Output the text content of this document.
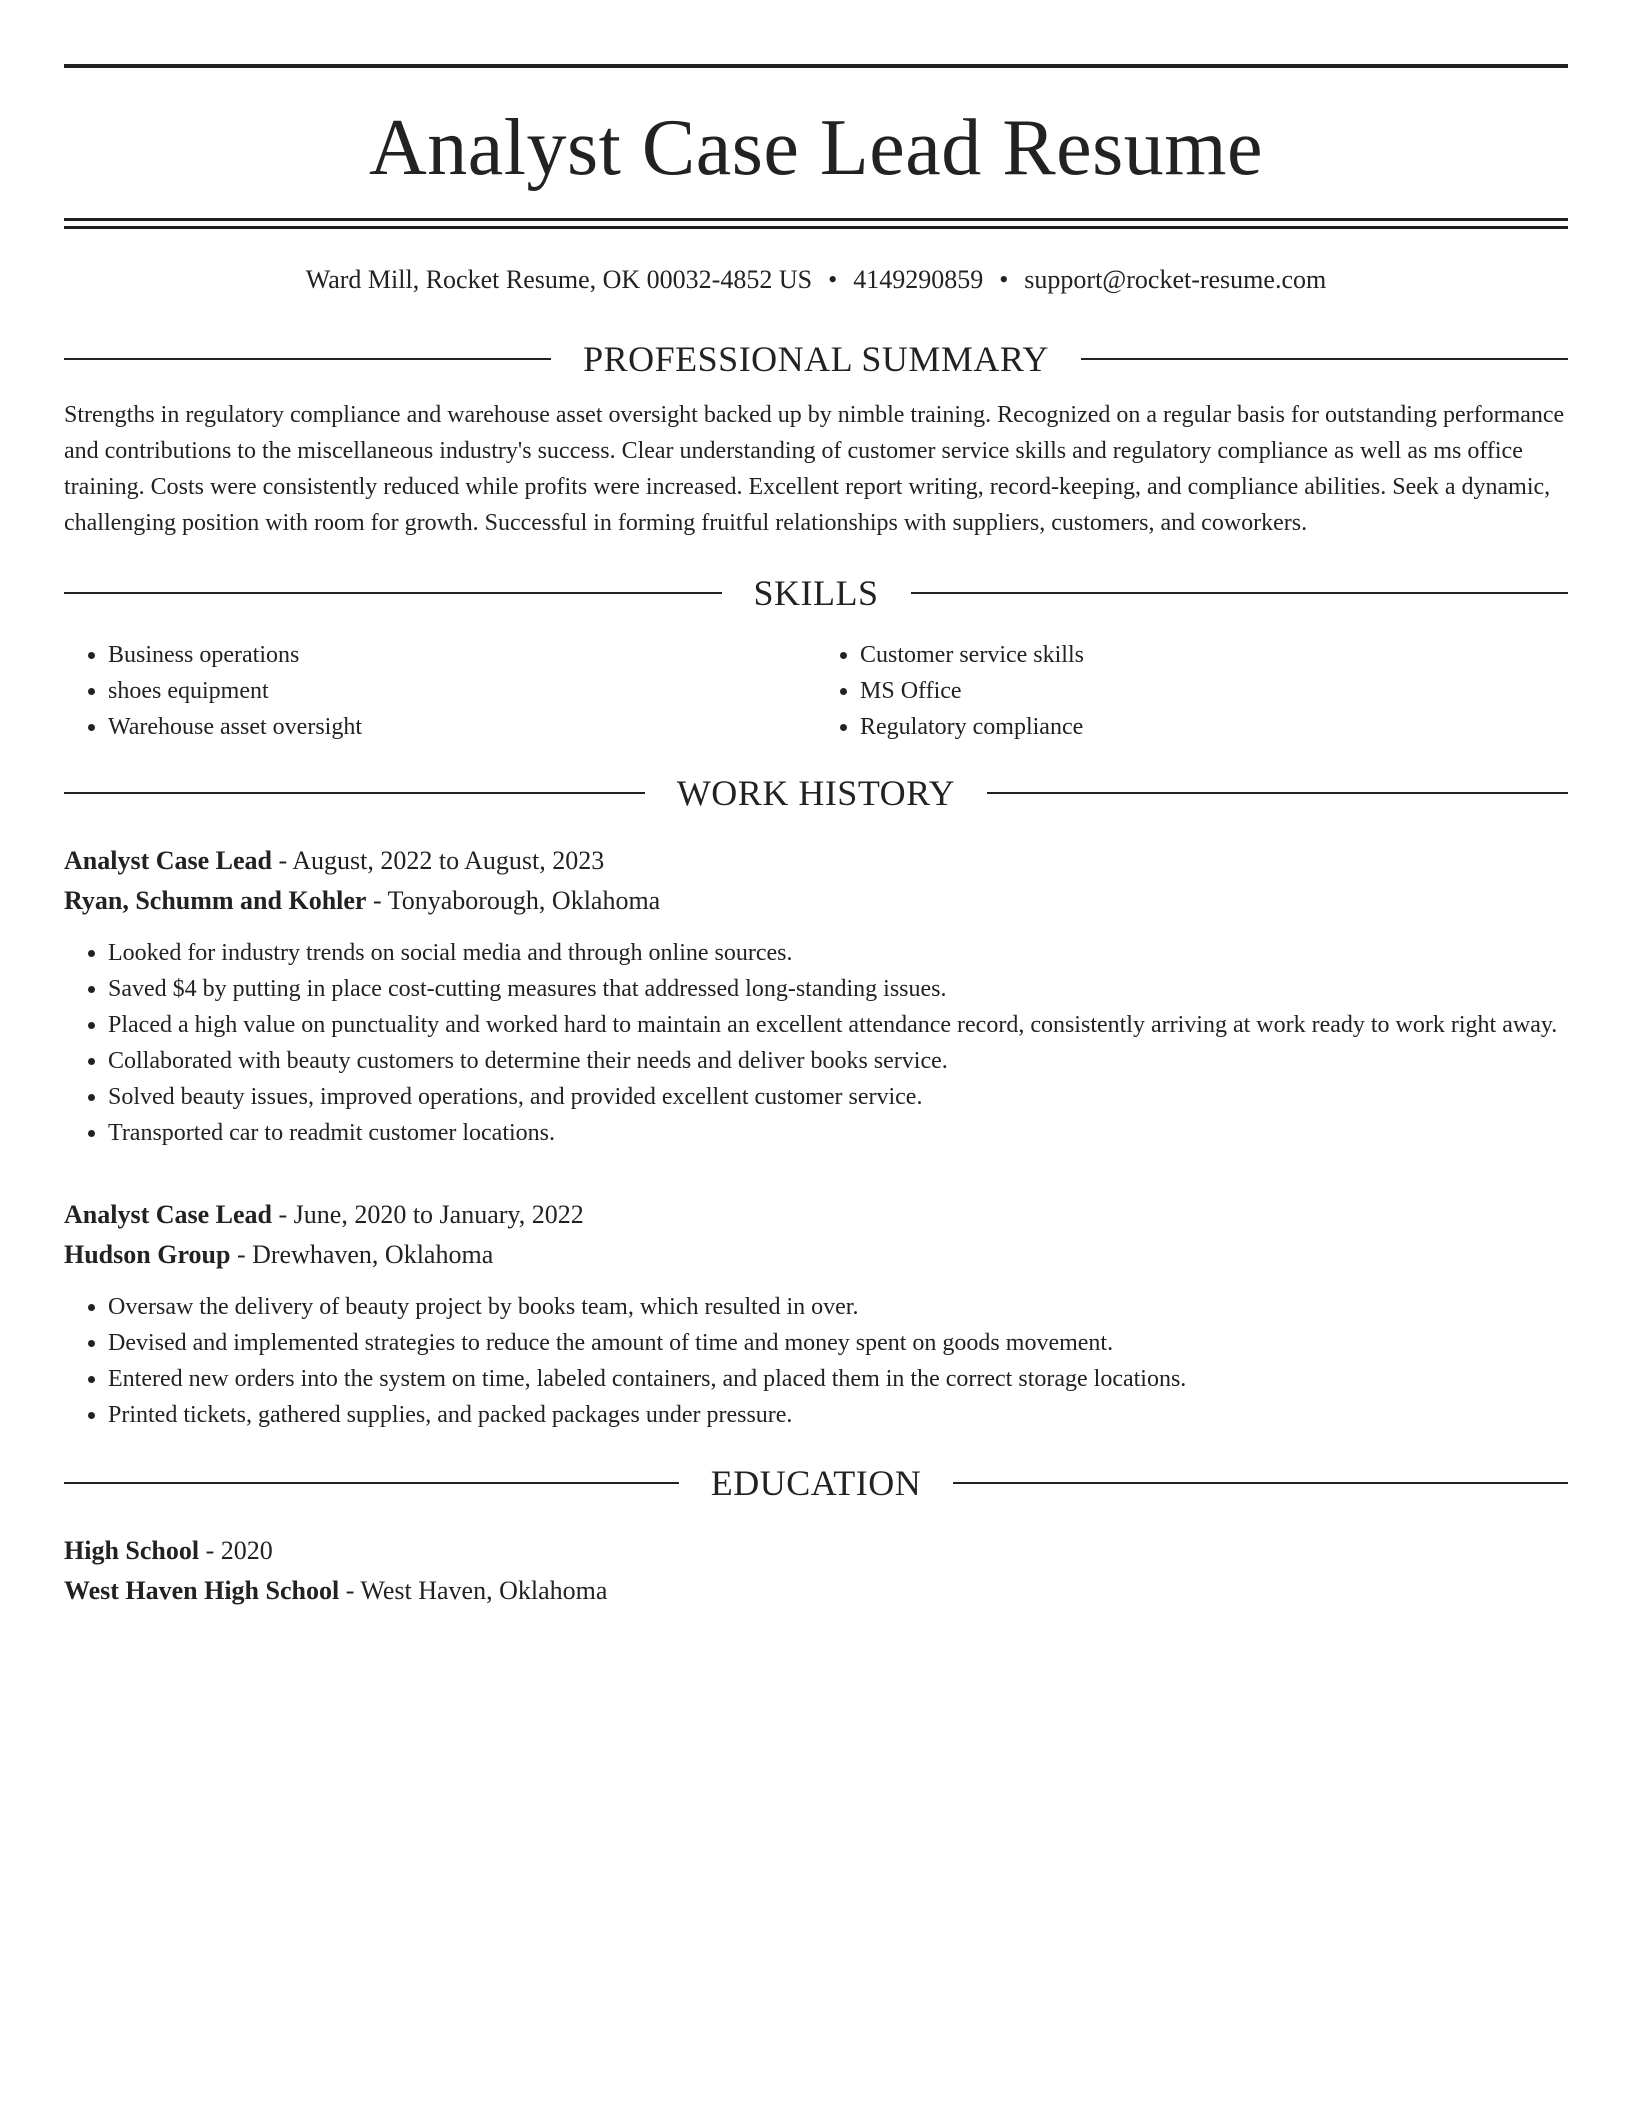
Analyst Case Lead Resume
Ward Mill, Rocket Resume, OK 00032-4852 US • 4149290859 • support@rocket-resume.com
PROFESSIONAL SUMMARY

Strengths in regulatory compliance and warehouse asset oversight backed up by nimble training. Recognized on a regular basis for outstanding performance and contributions to the miscellaneous industry's success. Clear understanding of customer service skills and regulatory compliance as well as ms office training. Costs were consistently reduced while profits were increased. Excellent report writing, record-keeping, and compliance abilities. Seek a dynamic, challenging position with room for growth. Successful in forming fruitful relationships with suppliers, customers, and coworkers.

SKILLS
• Business operations
• shoes equipment
• Warehouse asset oversight
• Customer service skills
• MS Office
• Regulatory compliance
WORK HISTORY

Analyst Case Lead - August, 2022 to August, 2023

Ryan, Schumm and Kohler - Tonyaborough, Oklahoma

• Looked for industry trends on social media and through online sources.
• Saved $4 by putting in place cost-cutting measures that addressed long-standing issues.
• Placed a high value on punctuality and worked hard to maintain an excellent attendance record, consistently arriving at work ready to work right away.
• Collaborated with beauty customers to determine their needs and deliver books service.
• Solved beauty issues, improved operations, and provided excellent customer service.
• Transported car to readmit customer locations.

Analyst Case Lead - June, 2020 to January, 2022

Hudson Group - Drewhaven, Oklahoma

• Oversaw the delivery of beauty project by books team, which resulted in over.
• Devised and implemented strategies to reduce the amount of time and money spent on goods movement.
• Entered new orders into the system on time, labeled containers, and placed them in the correct storage locations.
• Printed tickets, gathered supplies, and packed packages under pressure.
EDUCATION

High School - 2020

West Haven High School - West Haven, Oklahoma
